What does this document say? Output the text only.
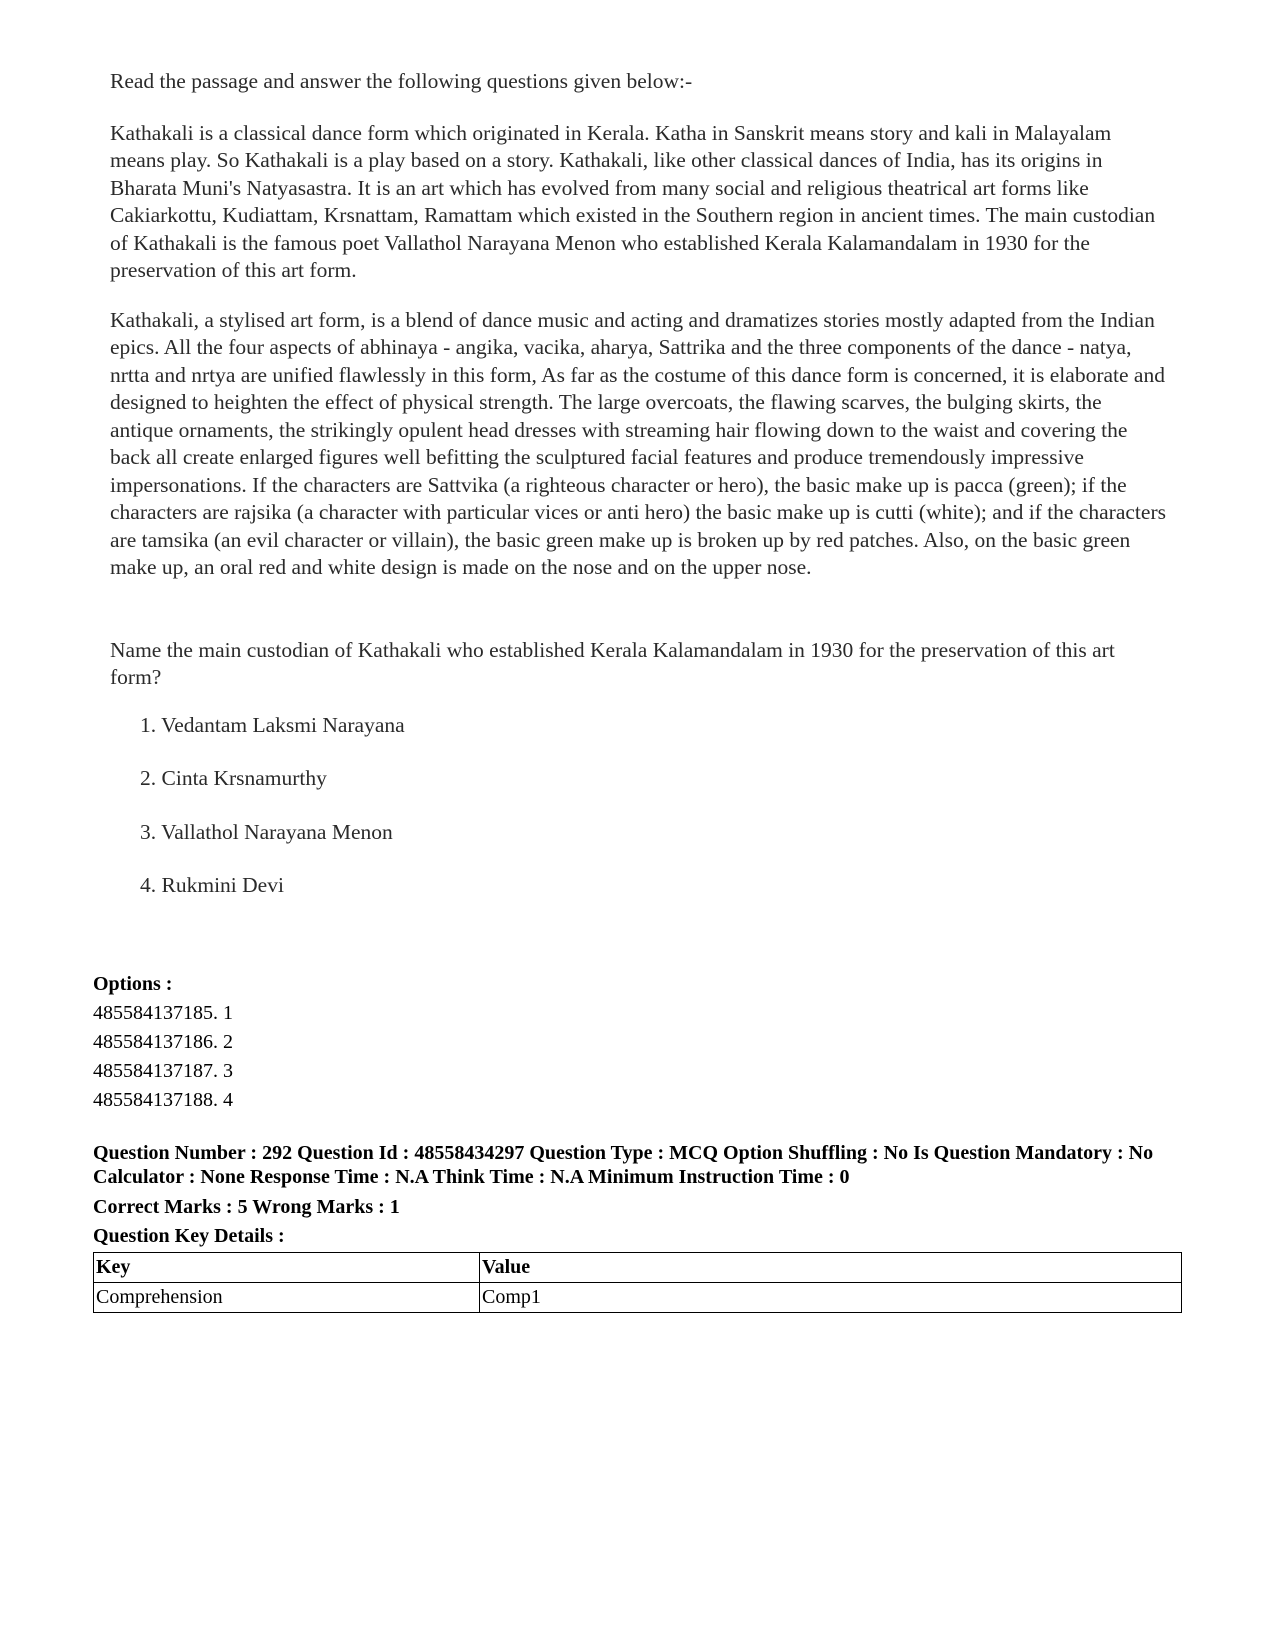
Read the passage and answer the following questions given below:-

Kathakali is a classical dance form which originated in Kerala. Katha in Sanskrit means story and kali in Malayalam means play. So Kathakali is a play based on a story. Kathakali, like other classical dances of India, has its origins in Bharata Muni's Natyasastra. It is an art which has evolved from many social and religious theatrical art forms like Cakiarkottu, Kudiattam, Krsnattam, Ramattam which existed in the Southern region in ancient times. The main custodian of Kathakali is the famous poet Vallathol Narayana Menon who established Kerala Kalamandalam in 1930 for the preservation of this art form.

Kathakali, a stylised art form, is a blend of dance music and acting and dramatizes stories mostly adapted from the Indian epics. All the four aspects of abhinaya - angika, vacika, aharya, Sattrika and the three components of the dance - natya, nrtta and nrtya are unified flawlessly in this form, As far as the costume of this dance form is concerned, it is elaborate and designed to heighten the effect of physical strength. The large overcoats, the flawing scarves, the bulging skirts, the antique ornaments, the strikingly opulent head dresses with streaming hair flowing down to the waist and covering the back all create enlarged figures well befitting the sculptured facial features and produce tremendously impressive impersonations. If the characters are Sattvika (a righteous character or hero), the basic make up is pacca (green); if the characters are rajsika (a character with particular vices or anti hero) the basic make up is cutti (white); and if the characters are tamsika (an evil character or villain), the basic green make up is broken up by red patches. Also, on the basic green make up, an oral red and white design is made on the nose and on the upper nose.

Name the main custodian of Kathakali who established Kerala Kalamandalam in 1930 for the preservation of this art form?

1. Vedantam Laksmi Narayana
2. Cinta Krsnamurthy
3. Vallathol Narayana Menon
4. Rukmini Devi
Options :
485584137185. 1
485584137186. 2
485584137187. 3
485584137188. 4
Question Number : 292 Question Id : 48558434297 Question Type : MCQ Option Shuffling : No Is Question Mandatory : No Calculator : None Response Time : N.A Think Time : N.A Minimum Instruction Time : 0
Correct Marks : 5 Wrong Marks : 1
Question Key Details :
Key	Value
Comprehension	Comp1
